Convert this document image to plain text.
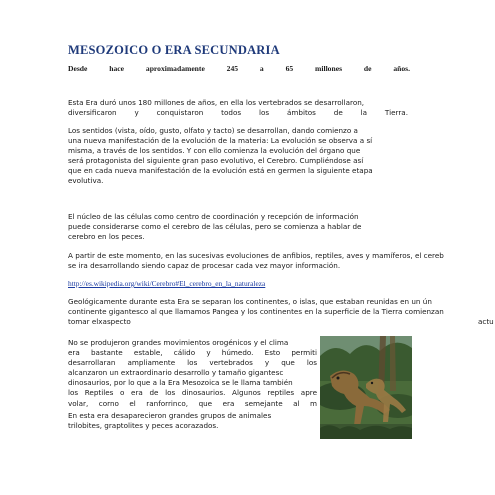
MESOZOICO O ERA SECUNDARIA
Desde	hace	aproximadamente	245	a	65	millones	de	años.
Esta Era duró unos 180 millones de años, en ella los vertebrados se desarrollaron,
diversificaron y conquistaron todos los ámbitos de la Tierra.
Los sentidos (vista, oído, gusto, olfato y tacto) se desarrollan, dando comienzo a
una nueva manifestación de la evolución de la materia: La evolución se observa a sí
misma, a través de los sentidos. Y con ello comienza la evolución del órgano que
será protagonista del siguiente gran paso evolutivo, el Cerebro. Cumpliéndose así
que en cada nueva manifestación de la evolución está en germen la siguiente etapa
evolutiva.
El núcleo de las células como centro de coordinación y recepción de información
puede considerarse como el cerebro de las células, pero se comienza a hablar de
cerebro en los peces.
A partir de este momento, en las sucesivas evoluciones de anfibios, reptiles, aves y mamíferos, el cereb
se ira desarrollando siendo capaz de procesar cada vez mayor información.
http://es.wikipedia.org/wiki/Cerebro#El_cerebro_en_la_naturaleza
Geológicamente durante esta Era se separan los continentes, o islas, que estaban reunidas en un ún
continente gigantesco al que llamamos Pangea y los continentes en la superficie de la Tierra comienzan
tomar elxaspecto	actu
No se produjeron grandes movimientos orogénicos y el clima
era bastante estable, cálido y húmedo. Esto permiti
desarrollaran ampliamente los vertebrados y que los
alcanzaron un extraordinario desarrollo y tamaño gigantesc
dinosaurios, por lo que a la Era Mesozoica se le llama también
los Reptiles o era de los dinosaurios. Algunos reptiles apre
volar, corno el ranforrinco, que era semejante al m
En esta era desaparecieron grandes grupos de animales
trilobites, graptolites y peces acorazados.
